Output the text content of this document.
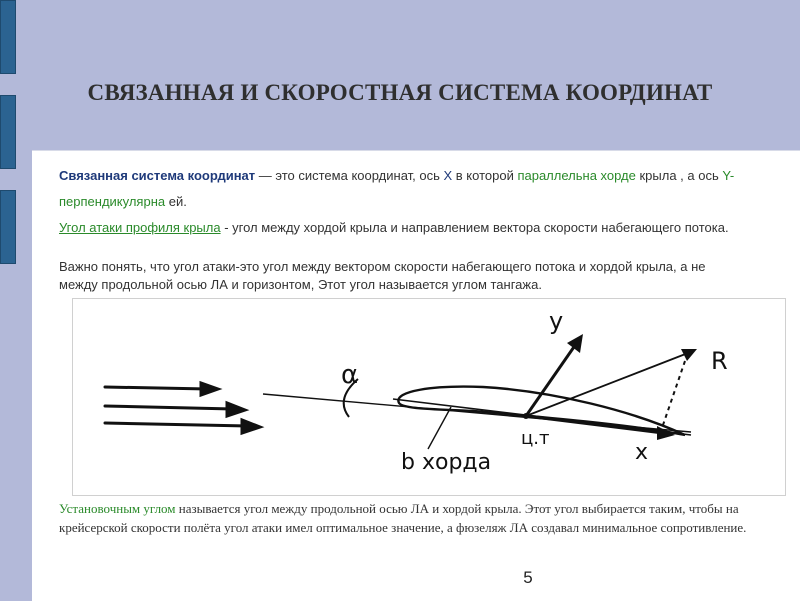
СВЯЗАННАЯ И СКОРОСТНАЯ СИСТЕМА КООРДИНАТ
Связанная система координат — это система координат, ось Х в которой параллельна хорде крыла , а ось Y-перпендикулярна ей.
Угол атаки профиля крыла - угол между хордой крыла и направлением вектора скорости набегающего потока.
Важно понять, что угол атаки-это угол между вектором скорости набегающего потока и хордой крыла, а не между продольной осью ЛА и горизонтом, Этот угол называется углом тангажа.
α
y
R
x
ц.т
b хорда
Установочным углом называется угол между продольной осью ЛА и хордой крыла. Этот угол выбирается таким, чтобы на крейсерской скорости полёта угол атаки имел оптимальное значение, а фюзеляж ЛА создавал минимальное сопротивление.
5
